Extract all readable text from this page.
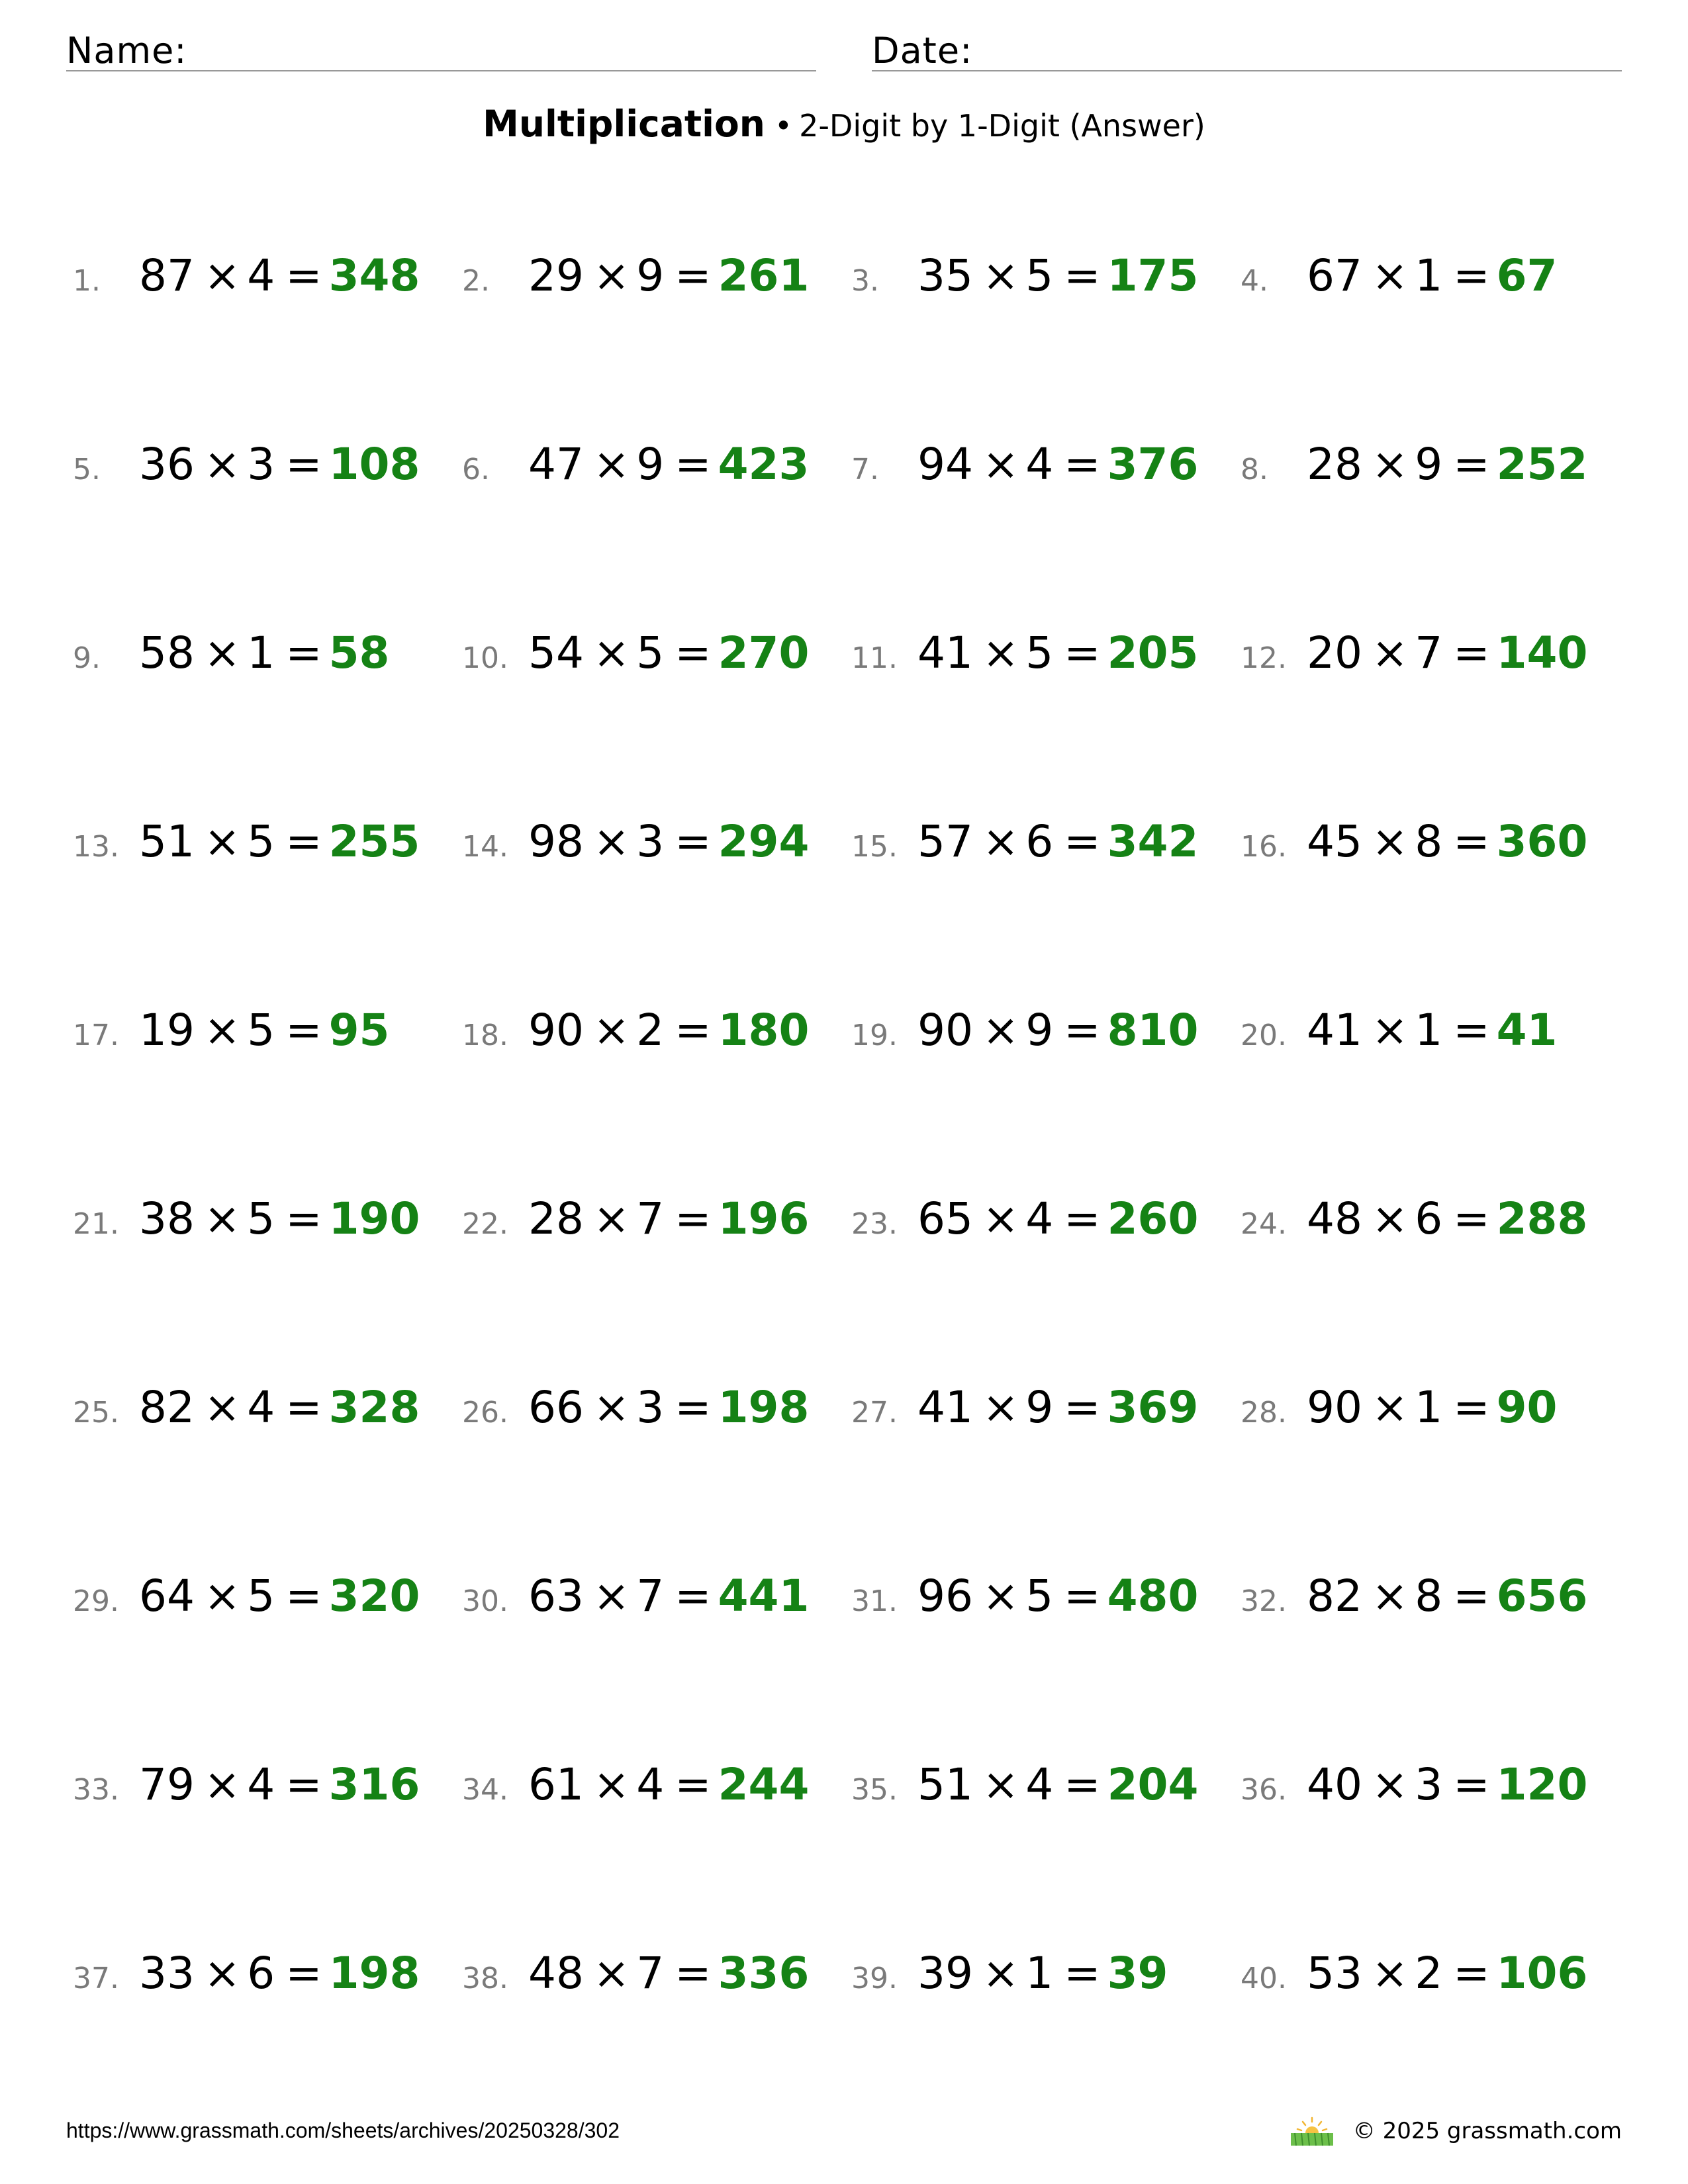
Name:	Date:
Multiplication • 2-Digit by 1-Digit (Answer)
1. 87 × 4 = 348 2. 29 × 9 = 261 3. 35 × 5 = 175 4. 67 × 1 = 67
5. 36 × 3 = 108 6. 47 × 9 = 423 7. 94 × 4 = 376 8. 28 × 9 = 252
9. 58 × 1 = 58 10. 54 × 5 = 270 11. 41 × 5 = 205 12. 20 × 7 = 140
13. 51 × 5 = 255 14. 98 × 3 = 294 15. 57 × 6 = 342 16. 45 × 8 = 360
17. 19 × 5 = 95 18. 90 × 2 = 180 19. 90 × 9 = 810 20. 41 × 1 = 41
21. 38 × 5 = 190 22. 28 × 7 = 196 23. 65 × 4 = 260 24. 48 × 6 = 288
25. 82 × 4 = 328 26. 66 × 3 = 198 27. 41 × 9 = 369 28. 90 × 1 = 90
29. 64 × 5 = 320 30. 63 × 7 = 441 31. 96 × 5 = 480 32. 82 × 8 = 656
33. 79 × 4 = 316 34. 61 × 4 = 244 35. 51 × 4 = 204 36. 40 × 3 = 120
37. 33 × 6 = 198 38. 48 × 7 = 336 39. 39 × 1 = 39 40. 53 × 2 = 106
https://www.grassmath.com/sheets/archives/20250328/302	© 2025 grassmath.com
